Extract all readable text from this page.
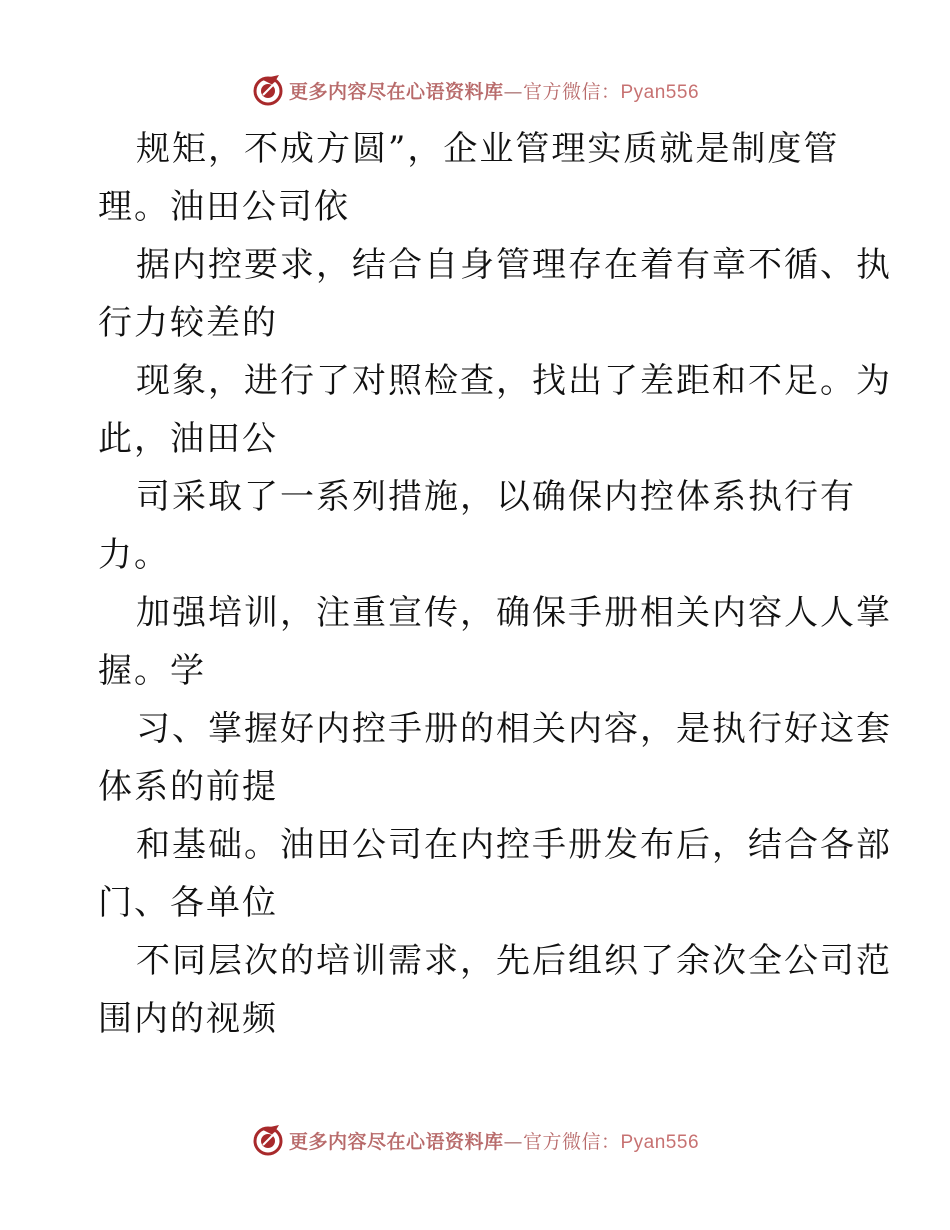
更多内容尽在心语资料库—官方微信：Pyan556
规矩，不成方圆”，企业管理实质就是制度管
理。油田公司依
据内控要求，结合自身管理存在着有章不循、执
行力较差的
现象，进行了对照检查，找出了差距和不足。为
此，油田公
司采取了一系列措施，以确保内控体系执行有
力。
加强培训，注重宣传，确保手册相关内容人人掌
握。学
习、掌握好内控手册的相关内容，是执行好这套
体系的前提
和基础。油田公司在内控手册发布后，结合各部
门、各单位
不同层次的培训需求，先后组织了余次全公司范
围内的视频
更多内容尽在心语资料库—官方微信：Pyan556
